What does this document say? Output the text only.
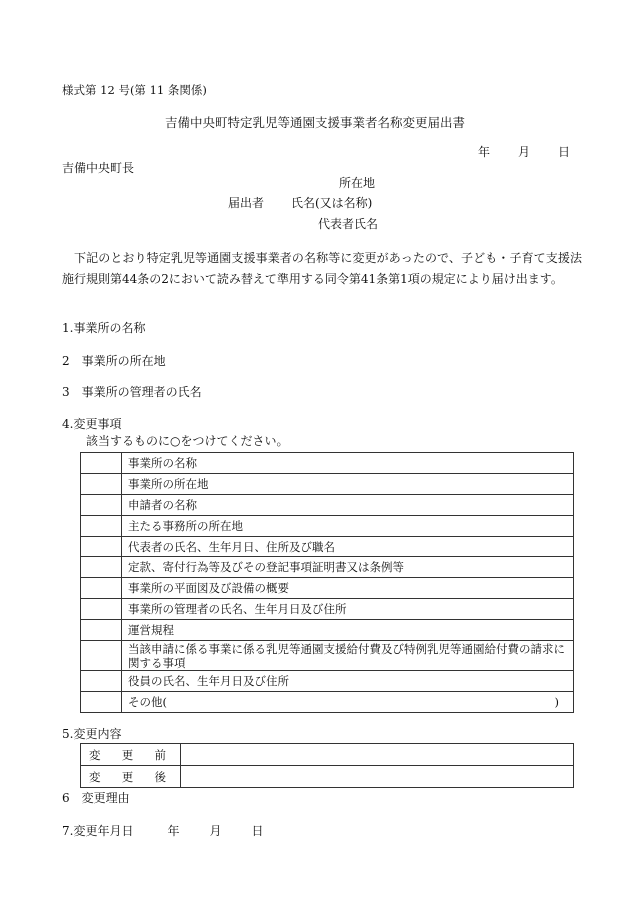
様式第 12 号(第 11 条関係)
吉備中央町特定乳児等通園支援事業者名称変更届出書
年 月 日
吉備中央町長
所在地
届出者 氏名(又は名称)
代表者氏名
下記のとおり特定乳児等通園支援事業者の名称等に変更があったので、子ども・子育て支援法施行規則第44条の2において読み替えて準用する同令第41条第1項の規定により届け出ます。
1.事業所の名称
2　事業所の所在地
3　事業所の管理者の氏名
4.変更事項
該当するものに○をつけてください。
	事業所の名称
	事業所の所在地
	申請者の名称
	主たる事務所の所在地
	代表者の氏名、生年月日、住所及び職名
	定款、寄付行為等及びその登記事項証明書又は条例等
	事業所の平面図及び設備の概要
	事業所の管理者の氏名、生年月日及び住所
	運営規程
	当該申請に係る事業に係る乳児等通園支援給付費及び特例乳児等通園給付費の請求に関する事項
	役員の氏名、生年月日及び住所
	その他( )
5.変更内容
変 更 前	

変 更 後	

6　変更理由
7.変更年月日	年	月	日
